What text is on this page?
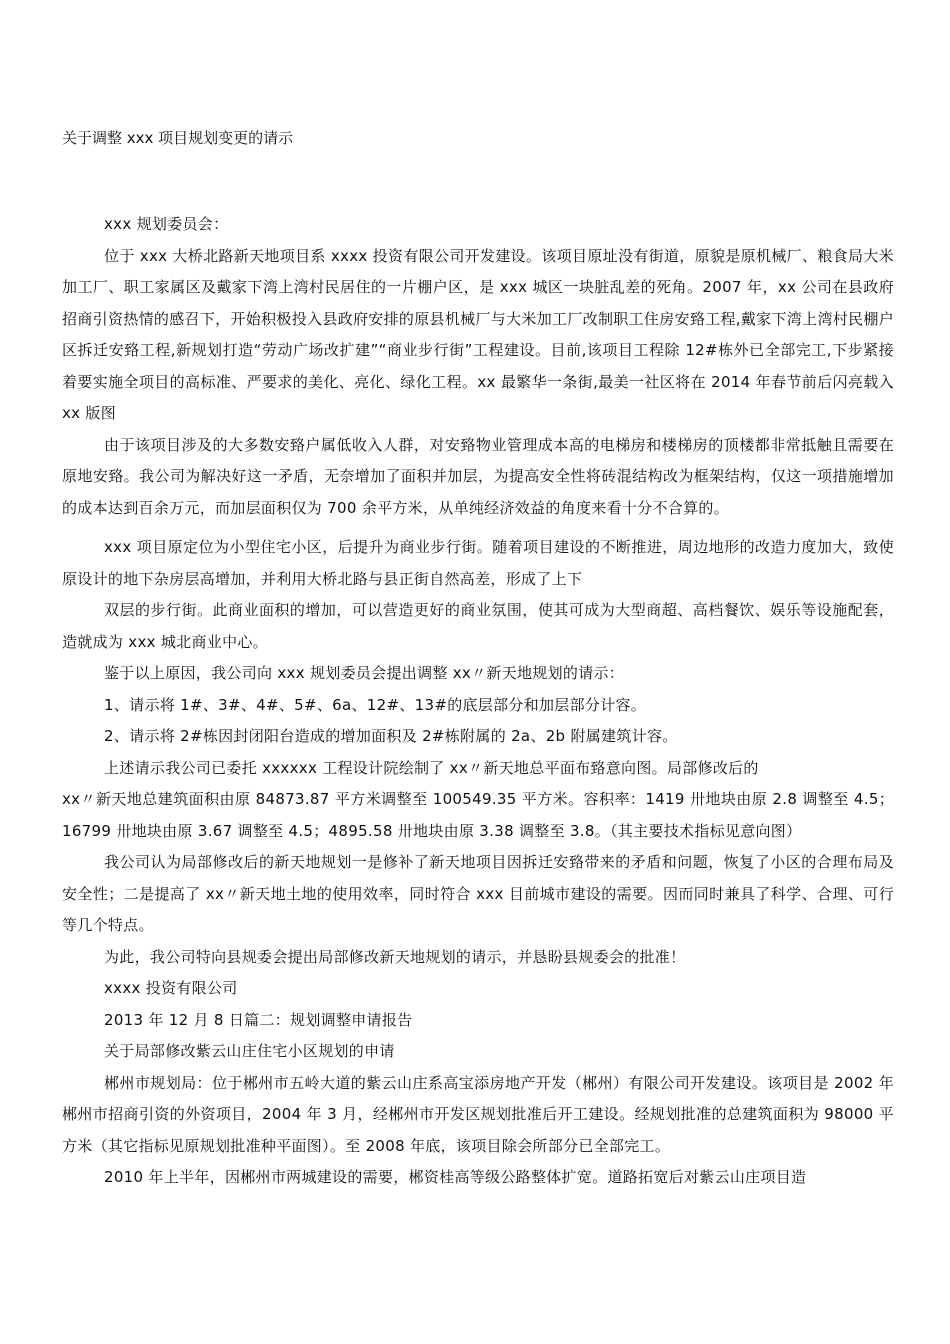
关于调整 xxx 项目规划变更的请示

xxx 规划委员会：

位于 xxx 大桥北路新天地项目系 xxxx 投资有限公司开发建设。该项目原址没有街道，原貌是原机械厂、粮食局大米加工厂、职工家属区及戴家下湾上湾村民居住的一片棚户区，是 xxx 城区一块脏乱差的死角。2007 年，xx 公司在县政府招商引资热情的感召下，开始积极投入县政府安排的原县机械厂与大米加工厂改制职工住房安臵工程,戴家下湾上湾村民棚户区拆迁安臵工程,新规划打造“劳动广场改扩建”“商业步行街”工程建设。目前,该项目工程除 12#栋外已全部完工,下步紧接着要实施全项目的高标准、严要求的美化、亮化、绿化工程。xx 最繁华一条街,最美一社区将在 2014 年春节前后闪亮载入 xx 版图

由于该项目涉及的大多数安臵户属低收入人群，对安臵物业管理成本高的电梯房和楼梯房的顶楼都非常抵触且需要在原地安臵。我公司为解决好这一矛盾，无奈增加了面积并加层，为提高安全性将砖混结构改为框架结构，仅这一项措施增加的成本达到百余万元，而加层面积仅为 700 余平方米，从单纯经济效益的角度来看十分不合算的。

xxx 项目原定位为小型住宅小区，后提升为商业步行街。随着项目建设的不断推进，周边地形的改造力度加大，致使原设计的地下杂房层高增加，并利用大桥北路与县正街自然高差，形成了上下

双层的步行街。此商业面积的增加，可以营造更好的商业氛围，使其可成为大型商超、高档餐饮、娱乐等设施配套，造就成为 xxx 城北商业中心。

鉴于以上原因，我公司向 xxx 规划委员会提出调整 xx〃新天地规划的请示：

1、请示将 1#、3#、4#、5#、6a、12#、13#的底层部分和加层部分计容。

2、请示将 2#栋因封闭阳台造成的增加面积及 2#栋附属的 2a、2b 附属建筑计容。

上述请示我公司已委托 xxxxxx 工程设计院绘制了 xx〃新天地总平面布臵意向图。局部修改后的

xx〃新天地总建筑面积由原 84873.87 平方米调整至 100549.35 平方米。容积率：1419 卅地块由原 2.8 调整至 4.5；16799 卅地块由原 3.67 调整至 4.5；4895.58 卅地块由原 3.38 调整至 3.8。（其主要技术指标见意向图）

我公司认为局部修改后的新天地规划一是修补了新天地项目因拆迁安臵带来的矛盾和问题，恢复了小区的合理布局及安全性；二是提高了 xx〃新天地土地的使用效率，同时符合 xxx 目前城市建设的需要。因而同时兼具了科学、合理、可行等几个特点。

为此，我公司特向县规委会提出局部修改新天地规划的请示，并恳盼县规委会的批准！

xxxx 投资有限公司

2013 年 12 月 8 日篇二：规划调整申请报告

关于局部修改紫云山庄住宅小区规划的申请

郴州市规划局：位于郴州市五岭大道的紫云山庄系高宝添房地产开发（郴州）有限公司开发建设。该项目是 2002 年郴州市招商引资的外资项目，2004 年 3 月，经郴州市开发区规划批准后开工建设。经规划批准的总建筑面积为 98000 平方米（其它指标见原规划批准种平面图）。至 2008 年底，该项目除会所部分已全部完工。

2010 年上半年，因郴州市两城建设的需要，郴资桂高等级公路整体扩宽。道路拓宽后对紫云山庄项目造
